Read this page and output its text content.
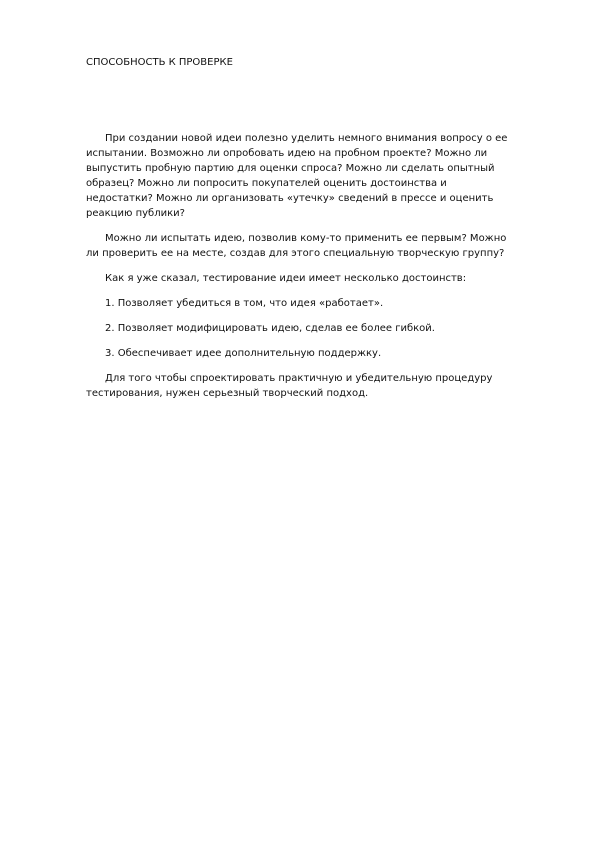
СПОСОБНОСТЬ К ПРОВЕРКЕ

При создании новой идеи полезно уделить немного внимания вопросу о ее испытании. Возможно ли опробовать идею на пробном проекте? Можно ли выпустить пробную партию для оценки спроса? Можно ли сделать опытный образец? Можно ли попросить покупателей оценить достоинства и недостатки? Можно ли организовать «утечку» сведений в прессе и оценить реакцию публики?

Можно ли испытать идею, позволив кому-то применить ее первым? Можно ли проверить ее на месте, создав для этого специальную творческую группу?

Как я уже сказал, тестирование идеи имеет несколько достоинств:

1. Позволяет убедиться в том, что идея «работает».

2. Позволяет модифицировать идею, сделав ее более гибкой.

3. Обеспечивает идее дополнительную поддержку.

Для того чтобы спроектировать практичную и убедительную процедуру тестирования, нужен серьезный творческий подход.
